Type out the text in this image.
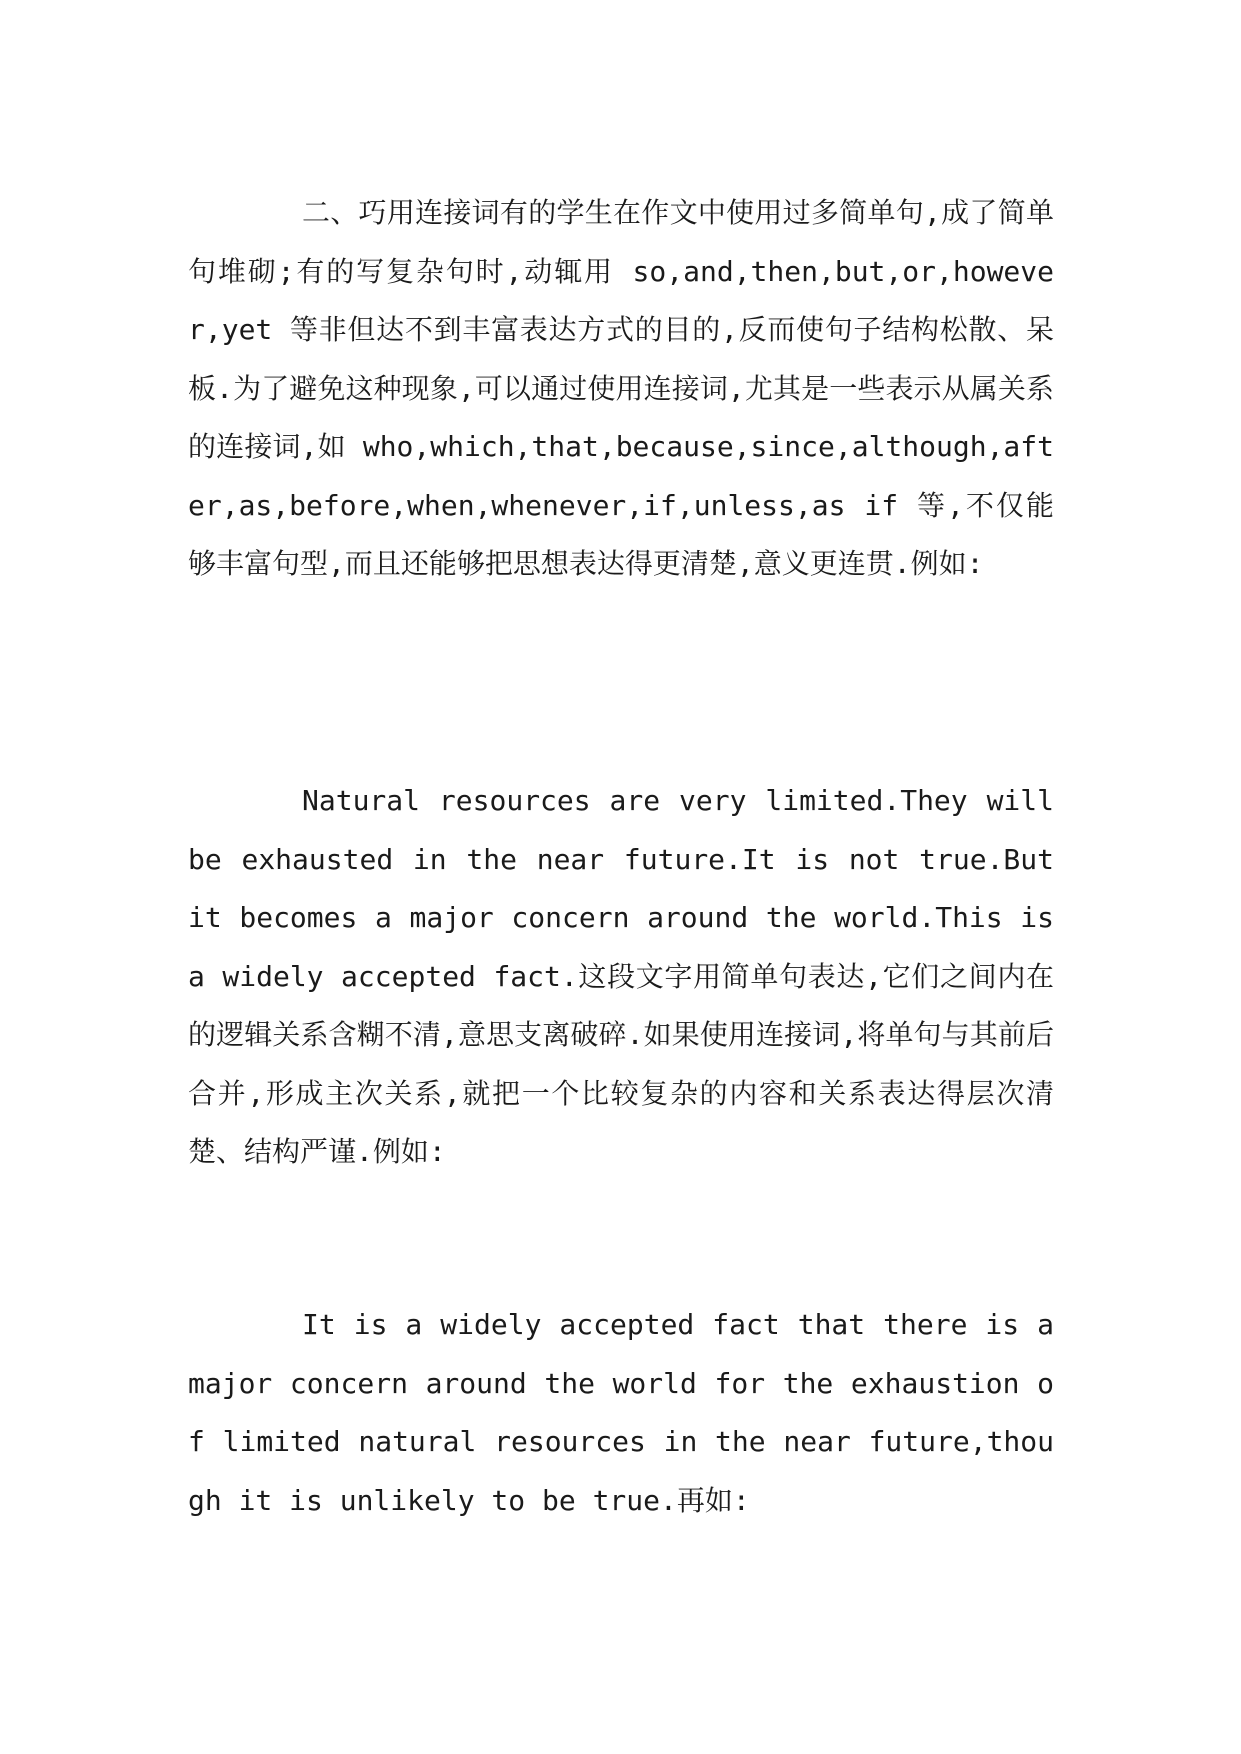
二、巧用连接词有的学生在作文中使用过多简单句,成了简单句堆砌;有的写复杂句时,动辄用 so,and,then,but,or,however,yet 等非但达不到丰富表达方式的目的,反而使句子结构松散、呆板.为了避免这种现象,可以通过使用连接词,尤其是一些表示从属关系的连接词,如 who,which,that,because,since,although,after,as,before,when,whenever,if,unless,as if 等,不仅能够丰富句型,而且还能够把思想表达得更清楚,意义更连贯.例如:

Natural resources are very limited.They will be exhausted in the near future.It is not true.But it becomes a major concern around the world.This is a widely accepted fact.这段文字用简单句表达,它们之间内在的逻辑关系含糊不清,意思支离破碎.如果使用连接词,将单句与其前后合并,形成主次关系,就把一个比较复杂的内容和关系表达得层次清楚、结构严谨.例如:

It is a widely accepted fact that there is a major concern around the world for the exhaustion of limited natural resources in the near future,though it is unlikely to be true.再如:
